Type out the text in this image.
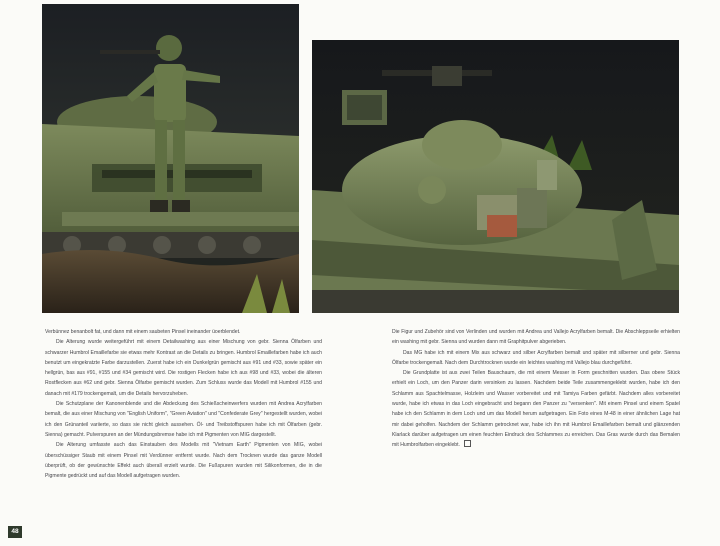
Verbünnez benanbolt fat, und dann mit einem saubeten Pinsel ineinander üoerblendet.

Die Alterung wurde weitergeführt mit einem Detailwashing aus einer Mischung von gebr. Sienna Ölfarben und schwarzer Humbrol Emaillefarbe sie etwas mehr Kontrast an die Details zu bringen. Humbrol Emaillefarben habe ich auch benutzt um eingekratzte Farbe darzustellen. Zuerst habe ich ein Dunkelgrün gemischt aus #91 und #33, sowie später ein hellgrün, bas aus #91, #155 und #34 gemischt wird. Die rostigen Flecken habe ich aus #98 und #33, wobei die älteren Rostflecken aus #62 und gebr. Sienna Ölfarbe gemischt wurden. Zum Schluss wurde das Modell mit Humbrol #155 und danach mit #179 trockengemalt, um die Details hervorzuheben.

Die Schutzplane der Kanonenblende und die Abdeckung des Schießscheinwerfers wurden mit Andrea Acrylfarben bemalt, die aus einer Mischung von "English Uniform", "Green Aviation" und "Confederate Grey" hergestellt wurden, wobei ich den Grünanteil variierte, so dass sie nicht gleich aussehen. Öl- und Treibstoffspuren habe ich mit Ölfarben (gebr. Sienna) gemacht. Pulverspuren an der Mündungsbremse habe ich mit Pigmenten von MIG dargestellt.

Die Alterung umfasste auch das Einstauben des Modells mit "Vietnam Earth" Pigmenten von MIG, wobei überschüssiger Staub mit einem Pinsel mit Verdünner entfernt wurde. Nach dem Trocknen wurde das ganze Modell überprüft, ob der gewünschte Effekt auch überall erzielt wurde. Die Fußspuren wurden mit Silikonformen, die in die Pigmente gedrückt und auf das Modell aufgetragen wurden.

Die Figur und Zubehör sind von Verlinden und wurden mit Andrea und Vallejo Acrylfarben bemalt. Die Abschleppseile erhielten ein washing mit gebr. Sienna und wurden dann mit Graphitpulver abgerieben.

Das MG habe ich mit einem Mix aus schwarz und silber Acrylfarben bemalt und später mit silberner und gebr. Sienna Ölfarbe trockengemalt. Nach dem Durchtrocknen wurde ein leichtes washing mit Vallejo blau durchgeführt.

Die Grundplatte ist aus zwei Teilen Bauschaum, die mit einem Messer in Form geschnitten wurden. Das obere Stück erhielt ein Loch, um den Panzer darin versinken zu lassen. Nachdem beide Teile zusammengeklebt wurden, habe ich den Schlamm aus Spachtelmasse, Holzleim und Wasser vorbereitet und mit Tamiya Farben gefärbt. Nachdem alles vorbereitet wurde, habe ich etwas in das Loch eingebracht und begann den Panzer zu "versenken". Mit einem Pinsel und einem Spatel habe ich den Schlamm in dem Loch und um das Modell herum aufgetragen. Ein Foto eines M-48 in einer ähnlichen Lage hat mir dabei geholfen. Nachdem der Schlamm getrocknet war, habe ich ihn mit Humbrol Emaillefarben bemalt und glänzenden Klarlack darüber aufgetragen um einen feuchten Eindruck des Schlammes zu erreichen. Das Gras wurde durch das Bemalen mit Humbrolfarben eingeklebt.

48
